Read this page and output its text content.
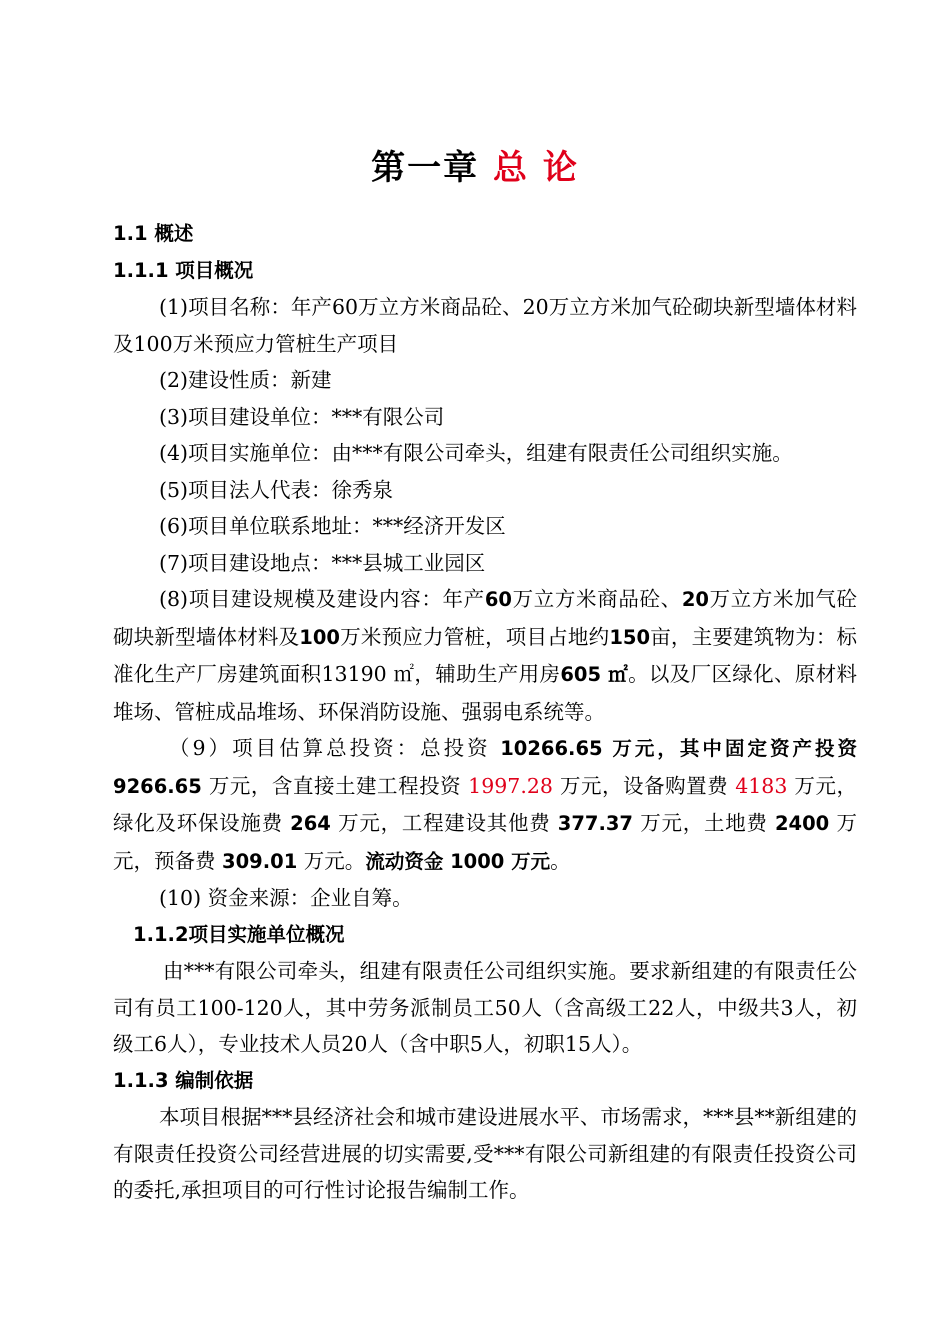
第一章 总 论

1.1 概述

1.1.1 项目概况

(1)项目名称：年产60万立方米商品砼、20万立方米加气砼砌块新型墙体材料及100万米预应力管桩生产项目

(2)建设性质：新建

(3)项目建设单位：***有限公司

(4)项目实施单位：由***有限公司牵头，组建有限责任公司组织实施。

(5)项目法人代表：徐秀泉

(6)项目单位联系地址：***经济开发区

(7)项目建设地点：***县城工业园区

(8)项目建设规模及建设内容：年产60万立方米商品砼、20万立方米加气砼砌块新型墙体材料及100万米预应力管桩，项目占地约150亩，主要建筑物为：标准化生产厂房建筑面积13190 ㎡，辅助生产用房605 ㎡。以及厂区绿化、原材料堆场、管桩成品堆场、环保消防设施、强弱电系统等。

（9）项目估算总投资：总投资 10266.65 万元，其中固定资产投资 9266.65 万元，含直接土建工程投资 1997.28 万元，设备购置费 4183 万元，绿化及环保设施费 264 万元，工程建设其他费 377.37 万元，土地费 2400 万元，预备费 309.01 万元。流动资金 1000 万元。

(10) 资金来源：企业自筹。

1.1.2项目实施单位概况

由***有限公司牵头，组建有限责任公司组织实施。要求新组建的有限责任公司有员工100-120人，其中劳务派制员工50人（含高级工22人，中级共3人，初级工6人），专业技术人员20人（含中职5人，初职15人）。

1.1.3 编制依据

本项目根据***县经济社会和城市建设进展水平、市场需求，***县**新组建的有限责任投资公司经营进展的切实需要,受***有限公司新组建的有限责任投资公司的委托,承担项目的可行性讨论报告编制工作。
